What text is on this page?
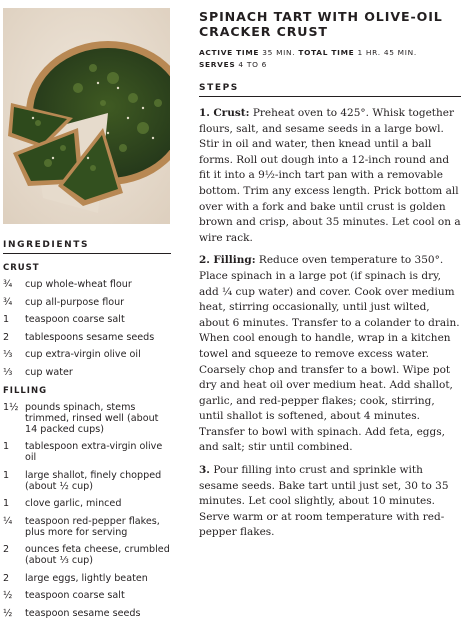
INGREDIENTS
CRUST
¾	cup whole-wheat flour
¾	cup all-purpose flour
1	teaspoon coarse salt
2	tablespoons sesame seeds
⅓	cup extra-virgin olive oil
⅓	cup water
FILLING
1½ pounds spinach, stems trimmed, rinsed well (about 14 packed cups)
1	tablespoon extra-virgin olive oil
1	large shallot, finely chopped (about ½ cup)
1	clove garlic, minced
¼	teaspoon red-pepper flakes, plus more for serving
2	ounces feta cheese, crumbled (about ⅓ cup)
2	large eggs, lightly beaten
½	teaspoon coarse salt
½	teaspoon sesame seeds
SPINACH TART WITH OLIVE-OIL CRACKER CRUST
ACTIVE TIME 35 MIN. TOTAL TIME 1 HR. 45 MIN.
SERVES 4 TO 6
STEPS

1. Crust: Preheat oven to 425°. Whisk together flours, salt, and sesame seeds in a large bowl. Stir in oil and water, then knead until a ball forms. Roll out dough into a 12-inch round and fit it into a 9½-inch tart pan with a removable bottom. Trim any excess length. Prick bottom all over with a fork and bake until crust is golden brown and crisp, about 35 minutes. Let cool on a wire rack.

2. Filling: Reduce oven temperature to 350°. Place spinach in a large pot (if spinach is dry, add ¼ cup water) and cover. Cook over medium heat, stirring occasionally, until just wilted, about 6 minutes. Transfer to a colander to drain. When cool enough to handle, wrap in a kitchen towel and squeeze to remove excess water. Coarsely chop and transfer to a bowl. Wipe pot dry and heat oil over medium heat. Add shallot, garlic, and red-pepper flakes; cook, stirring, until shallot is softened, about 4 minutes. Transfer to bowl with spinach. Add feta, eggs, and salt; stir until combined.

3. Pour filling into crust and sprinkle with sesame seeds. Bake tart until just set, 30 to 35 minutes. Let cool slightly, about 10 minutes. Serve warm or at room temperature with red-pepper flakes.
